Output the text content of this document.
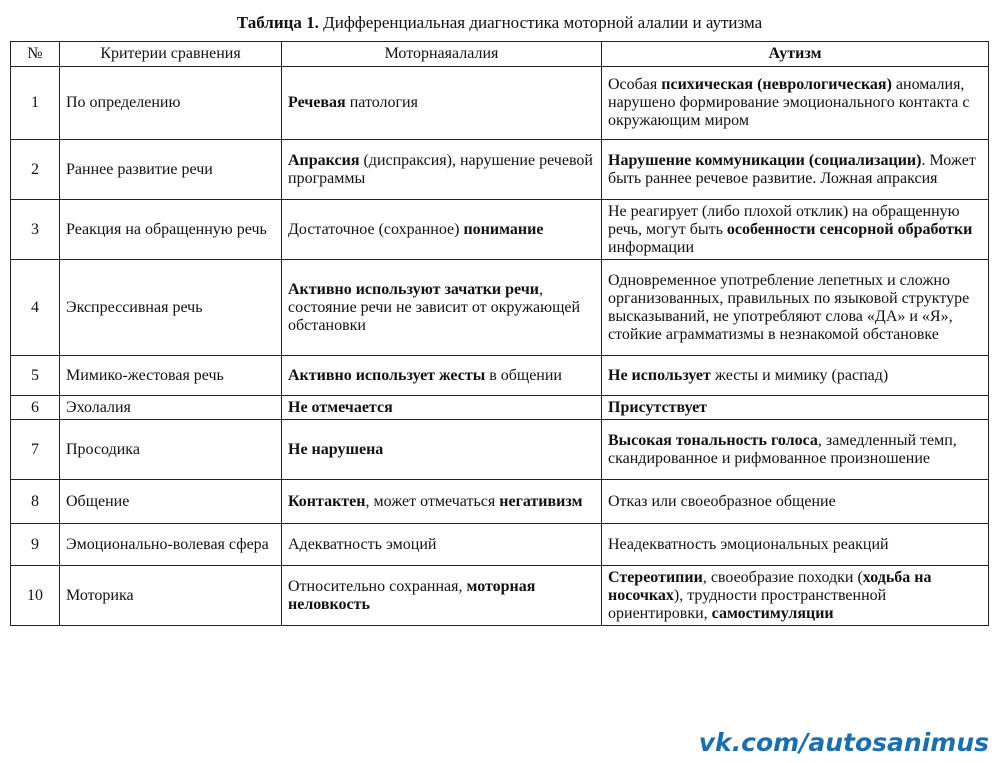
Таблица 1. Дифференциальная диагностика моторной алалии и аутизма
№	Критерии сравнения	Моторнаяалалия	Аутизм
1	По определению	Речевая патология	Особая психическая (неврологическая) аномалия, нарушено формирование эмоционального контакта с окружающим миром
2	Раннее развитие речи	Апраксия (диспраксия), нарушение речевой программы	Нарушение коммуникации (социализации). Может быть раннее речевое развитие. Ложная апраксия
3	Реакция на обращенную речь	Достаточное (сохранное) понимание	Не реагирует (либо плохой отклик) на обращенную речь, могут быть особенности сенсорной обработки информации
4	Экспрессивная речь	Активно используют зачатки речи, состояние речи не зависит от окружающей обстановки	Одновременное употребление лепетных и сложно организованных, правильных по языковой структуре высказываний, не употребляют слова «ДА» и «Я», стойкие аграмматизмы в незнакомой обстановке
5	Мимико-жестовая речь	Активно использует жесты в общении	Не использует жесты и мимику (распад)
6	Эхолалия	Не отмечается	Присутствует
7	Просодика	Не нарушена	Высокая тональность голоса, замедленный темп, скандированное и рифмованное произношение
8	Общение	Контактен, может отмечаться негативизм	Отказ или своеобразное общение
9	Эмоционально-волевая сфера	Адекватность эмоций	Неадекватность эмоциональных реакций
10	Моторика	Относительно сохранная, моторная неловкость	Стереотипии, своеобразие походки (ходьба на носочках), трудности пространственной ориентировки, самостимуляции
vk.com/autosanimus
